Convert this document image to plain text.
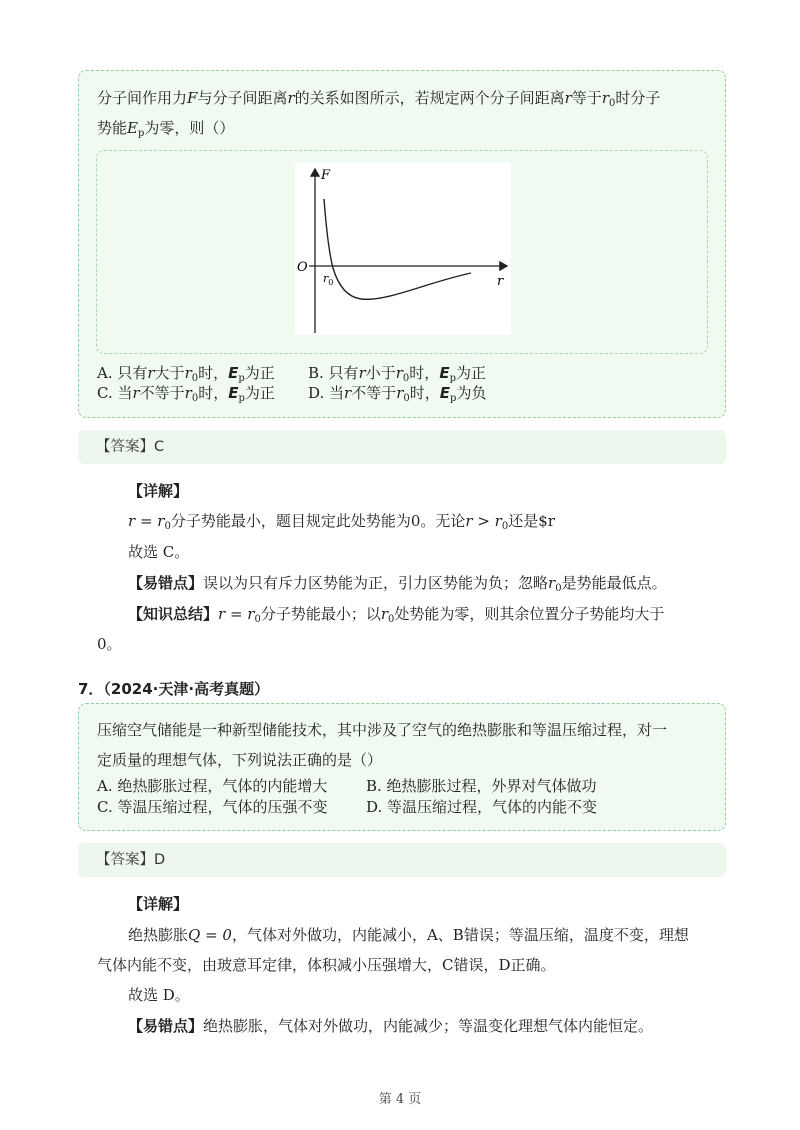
分子间作用力F与分子间距离r的关系如图所示，若规定两个分子间距离r等于$r_0$时分子
势能$E_p$为零，则（）
F
r
O
$r_0$
A. 只有r大于$r_0$时，$E_p$为正 B. 只有r小于$r_0$时，$E_p$为正
C. 当r不等于$r_0$时，$E_p$为正 D. 当r不等于$r_0$时，$E_p$为负
【答案】C
【详解】
$r = r_0$分子势能最小，题目规定此处势能为0。无论$r > r_0$还是$r
故选 C。
【易错点】误以为只有斥力区势能为正，引力区势能为负；忽略$r_0$是势能最低点。
【知识总结】$r = r_0$分子势能最小；以$r_0$处势能为零，则其余位置分子势能均大于
0。
7．（2024·天津·高考真题）
压缩空气储能是一种新型储能技术，其中涉及了空气的绝热膨胀和等温压缩过程，对一
定质量的理想气体，下列说法正确的是（）
A. 绝热膨胀过程，气体的内能增大	B. 绝热膨胀过程，外界对气体做功
C. 等温压缩过程，气体的压强不变	D. 等温压缩过程，气体的内能不变
【答案】D
【详解】
绝热膨胀Q = 0，气体对外做功，内能减小，A、B错误；等温压缩，温度不变，理想
气体内能不变，由玻意耳定律，体积减小压强增大，C错误，D正确。
故选 D。
【易错点】绝热膨胀，气体对外做功，内能减少；等温变化理想气体内能恒定。
第 4 页
